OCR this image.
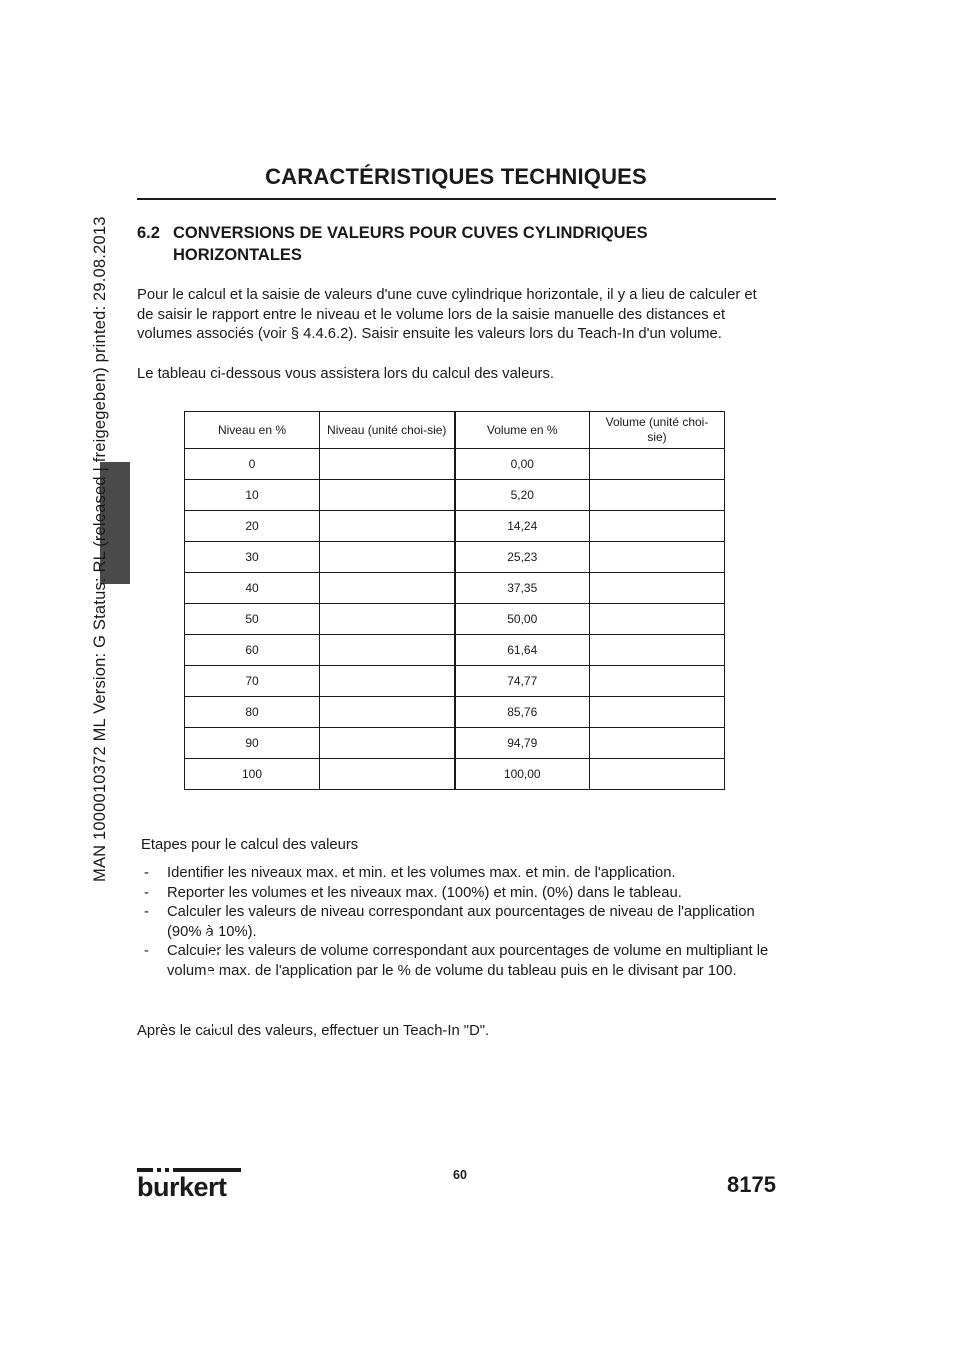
FRANCAIS
MAN 1000010372 ML Version: G Status: RL (released | freigegeben) printed: 29.08.2013
CARACTÉRISTIQUES TECHNIQUES
6.2 CONVERSIONS DE VALEURS POUR CUVES CYLINDRIQUES HORIZONTALES
Pour le calcul et la saisie de valeurs d'une cuve cylindrique horizontale, il y a lieu de calculer et de saisir le rapport entre le niveau et le volume lors de la saisie manuelle des distances et volumes associés (voir § 4.4.6.2). Saisir ensuite les valeurs lors du Teach-In d'un volume.
Le tableau ci-dessous vous assistera lors du calcul des valeurs.
Niveau en %	Niveau (unité choi-sie)	Volume en %	Volume (unité choi-sie)
0		0,00	
10		5,20	
20		14,24	
30		25,23	
40		37,35	
50		50,00	
60		61,64	
70		74,77	
80		85,76	
90		94,79	
100		100,00	
Etapes pour le calcul des valeurs
- Identifier les niveaux max. et min. et les volumes max. et min. de l'application.
- Reporter les volumes et les niveaux max. (100%) et min. (0%) dans le tableau.
- Calculer les valeurs de niveau correspondant aux pourcentages de niveau de l'application (90% à 10%).
- Calculer les valeurs de volume correspondant aux pourcentages de volume en multipliant le volume max. de l'application par le % de volume du tableau puis en le divisant par 100.
Après le calcul des valeurs, effectuer un Teach-In "D".
burkert	60	8175
